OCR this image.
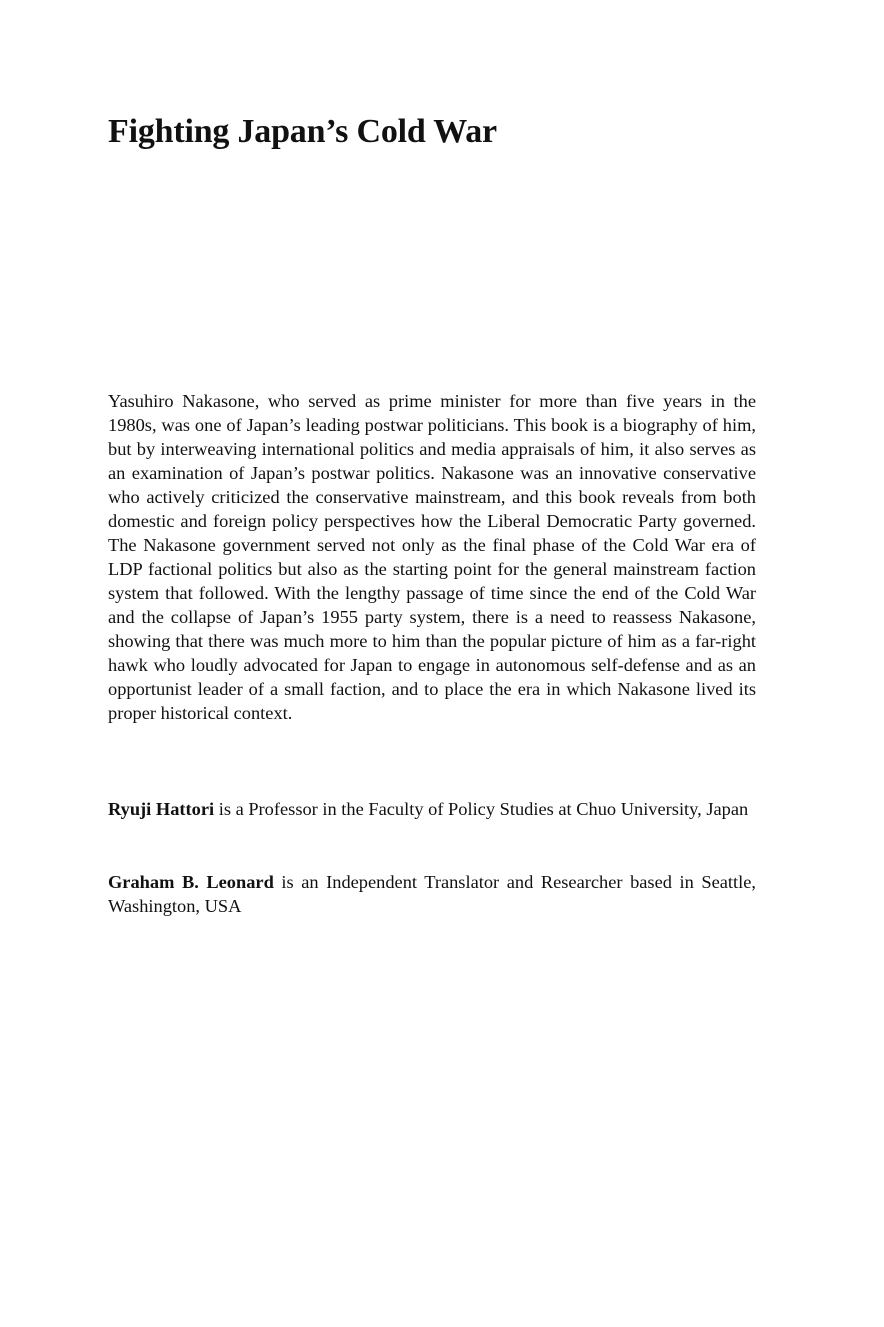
Fighting Japan’s Cold War

Yasuhiro Nakasone, who served as prime minister for more than five years in the 1980s, was one of Japan’s leading postwar politicians. This book is a biography of him, but by interweaving international politics and media appraisals of him, it also serves as an examination of Japan’s postwar politics. Nakasone was an innovative conservative who actively criticized the conservative mainstream, and this book reveals from both domestic and foreign policy perspectives how the Liberal Democratic Party governed. The Nakasone government served not only as the final phase of the Cold War era of LDP factional politics but also as the starting point for the general mainstream faction system that followed. With the lengthy passage of time since the end of the Cold War and the collapse of Japan’s 1955 party system, there is a need to reassess Nakasone, showing that there was much more to him than the popular picture of him as a far-right hawk who loudly advocated for Japan to engage in autonomous self-defense and as an opportunist leader of a small faction, and to place the era in which Nakasone lived its proper historical context.

Ryuji Hattori is a Professor in the Faculty of Policy Studies at Chuo University, Japan

Graham B. Leonard is an Independent Translator and Researcher based in Seattle, Washington, USA
